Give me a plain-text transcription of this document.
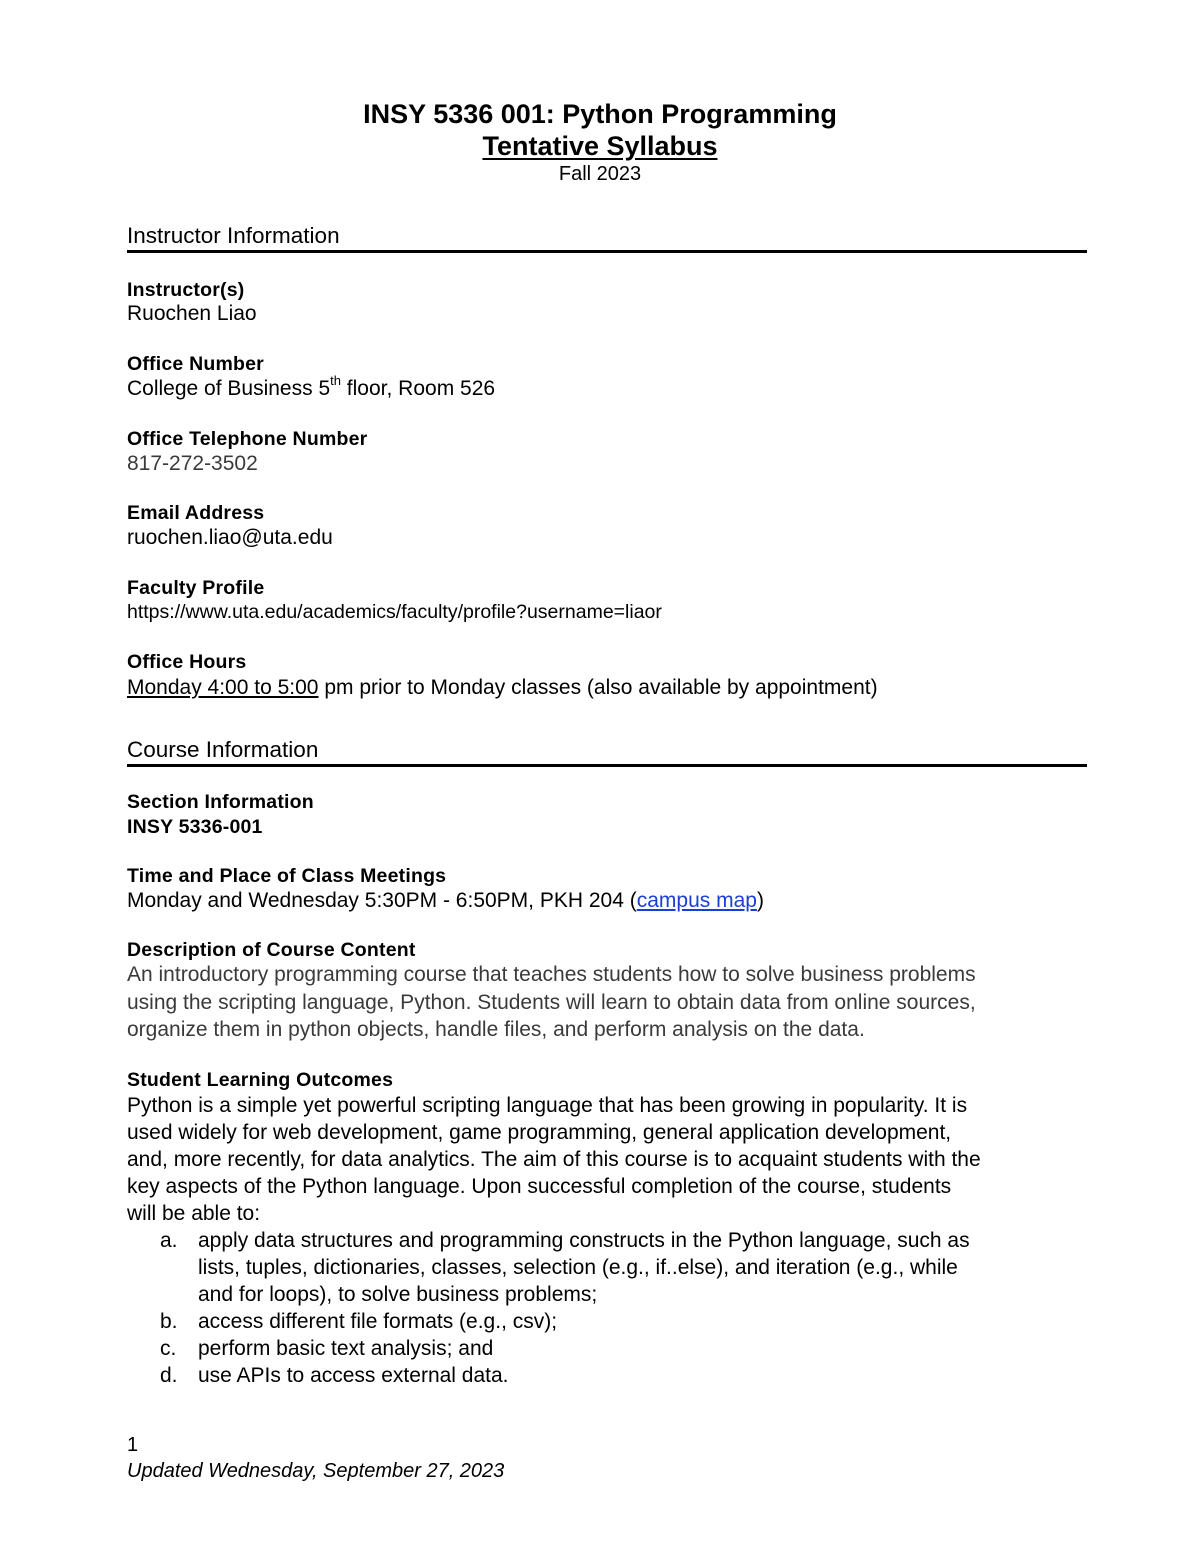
INSY 5336 001: Python Programming
Tentative Syllabus
Fall 2023
Instructor Information
Instructor(s)
Ruochen Liao
Office Number
College of Business 5th floor, Room 526
Office Telephone Number
817-272-3502
Email Address
ruochen.liao@uta.edu
Faculty Profile
https://www.uta.edu/academics/faculty/profile?username=liaor
Office Hours
Monday 4:00 to 5:00 pm prior to Monday classes (also available by appointment)
Course Information
Section Information
INSY 5336-001
Time and Place of Class Meetings
Monday and Wednesday 5:30PM - 6:50PM, PKH 204 (campus map)
Description of Course Content
An introductory programming course that teaches students how to solve business problems
using the scripting language, Python. Students will learn to obtain data from online sources,
organize them in python objects, handle files, and perform analysis on the data.
Student Learning Outcomes
Python is a simple yet powerful scripting language that has been growing in popularity. It is
used widely for web development, game programming, general application development,
and, more recently, for data analytics. The aim of this course is to acquaint students with the
key aspects of the Python language. Upon successful completion of the course, students
will be able to:
a. apply data structures and programming constructs in the Python language, such as
lists, tuples, dictionaries, classes, selection (e.g., if..else), and iteration (e.g., while
and for loops), to solve business problems;
b. access different file formats (e.g., csv);
c. perform basic text analysis; and
d. use APIs to access external data.
1
Updated Wednesday, September 27, 2023
